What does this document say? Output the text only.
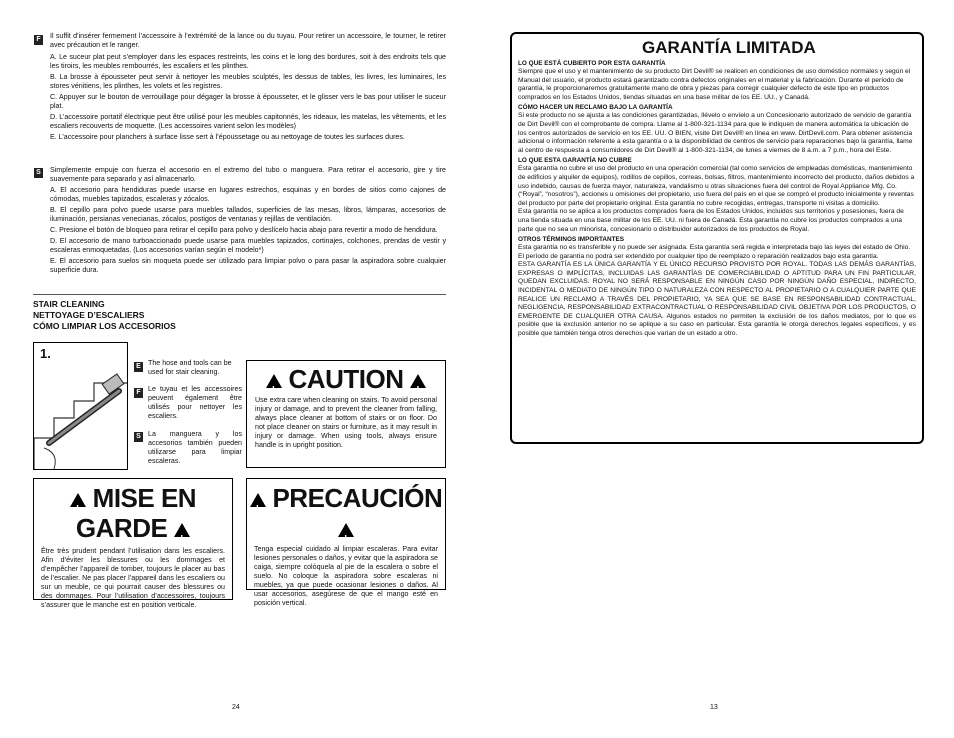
F	Il suffit d’insérer fermement l’accessoire à l’extrémité de la lance ou du tuyau. Pour retirer un accessoire, le tourner, le retirer avec précaution et le ranger.

A. Le suceur plat peut s’employer dans les espaces restreints, les coins et le long des bordures, soit à des endroits tels que les tiroirs, les meubles rembourrés, les escaliers et les plinthes.

B. La brosse à épousseter peut servir à nettoyer les meubles sculptés, les dessus de tables, les livres, les luminaires, les stores vénitiens, les plinthes, les volets et les registres.

C. Appuyer sur le bouton de verrouillage pour dégager la brosse à épousseter, et le glisser vers le bas pour utiliser le suceur plat.

D. L’accessoire portatif électrique peut être utilisé pour les meubles capitonnés, les rideaux, les matelas, les vêtements, et les escaliers recouverts de moquette. (Les accessoires varient selon les modèles)

E. L’accessoire pour planchers à surface lisse sert à l’époussetage ou au nettoyage de toutes les surfaces dures.

S	Simplemente empuje con fuerza el accesorio en el extremo del tubo o manguera. Para retirar el accesorio, gire y tire suavemente para separarlo y así almacenarlo.

A. El accesorio para hendiduras puede usarse en lugares estrechos, esquinas y en bordes de sitios como cajones de cómodas, muebles tapizados, escaleras y zócalos.

B. El cepillo para polvo puede usarse para muebles tallados, superficies de las mesas, libros, lámparas, accesorios de iluminación, persianas venecianas, zócalos, postigos de ventanas y rejillas de ventilación.

C. Presione el botón de bloqueo para retirar el cepillo para polvo y deslícelo hacia abajo para revertir a modo de hendidura.

D. El accesorio de mano turboaccionado puede usarse para muebles tapizados, cortinajes, colchones, prendas de vestir y escaleras enmoquetadas. (Los accesorios varían según el modelo*)

E. El accesorio para suelos sin moqueta puede ser utilizado para limpiar polvo o para pasar la aspiradora sobre cualquier superficie dura.

STAIR CLEANING
NETTOYAGE D’ESCALIERS
CÓMO LIMPIAR LOS ACCESORIOS
1.
E	The hose and tools can be used for stair cleaning.
F	Le tuyau et les accessoires peuvent également être utilisés pour nettoyer les escaliers.
S	La manguera y los accesorios también pueden utilizarse para limpiar escaleras.
! CAUTION !
Use extra care when cleaning on stairs. To avoid personal injury or damage, and to prevent the cleaner from falling, always place cleaner at bottom of stairs or on floor. Do not place cleaner on stairs or furniture, as it may result in injury or damage. When using tools, always ensure handle is in upright position.
! MISE EN GARDE !
Être très prudent pendant l’utilisation dans les escaliers. Afin d’éviter les blessures ou les dommages et d’empêcher l’appareil de tomber, toujours le placer au bas de l’escalier. Ne pas placer l’appareil dans les escaliers ou sur un meuble, ce qui pourrait causer des blessures ou des dommages. Pour l’utilisation d’accessoires, toujours s’assurer que le manche est en position verticale.
! PRECAUCIÓN !
Tenga especial cuidado al limpiar escaleras. Para evitar lesiones personales o daños, y evitar que la aspiradora se caiga, siempre colóquela al pie de la escalera o sobre el suelo. No coloque la aspiradora sobre escaleras ni muebles, ya que puede ocasionar lesiones o daños. Al usar accesorios, asegúrese de que el mango esté en posición vertical.
24
GARANTÍA LIMITADA
LO QUE ESTÁ CUBIERTO POR ESTA GARANTÍA

Siempre que el uso y el mantenimiento de su producto Dirt Devil® se realicen en condiciones de uso doméstico normales y según el Manual del usuario, el producto estará garantizado contra defectos originales en el material y la fabricación. Durante el período de garantía, le proporcionaremos gratuitamente mano de obra y piezas para corregir cualquier defecto de este tipo en productos comprados en los Estados Unidos, tiendas situadas en una base militar de los EE. UU., y Canadá.

CÓMO HACER UN RECLAMO BAJO LA GARANTÍA

Si este producto no se ajusta a las condiciones garantizadas, llévelo o envíelo a un Concesionario autorizado de servicio de garantía de Dirt Devil® con el comprobante de compra. Llame al 1-800-321-1134 para que le indiquen de manera automática la ubicación de los centros autorizados de servicio en los EE. UU. O BIEN, visite Dirt Devil® en línea en www. DirtDevil.com. Para obtener asistencia adicional o información referente a esta garantía o a la disponibilidad de centros de servicio para reparaciones bajo la garantía, llame al centro de respuesta a consumidores de Dirt Devil® al 1-800-321-1134, de lunes a viernes de 8 a.m. a 7 p.m., hora del Este.

LO QUE ESTA GARANTÍA NO CUBRE

Esta garantía no cubre el uso del producto en una operación comercial (tal como servicios de empleadas domésticas, mantenimiento de edificios y alquiler de equipos), rodillos de cepillos, correas, bolsas, filtros, mantenimiento incorrecto del producto, daños debidos a uso indebido, causas de fuerza mayor, naturaleza, vandalismo u otras situaciones fuera del control de Royal Appliance Mfg. Co. (“Royal”, “nosotros”), acciones u omisiones del propietario, uso fuera del país en el que se compró el producto inicialmente y reventas del producto por parte del propietario original. Esta garantía no cubre recogidas, entregas, transporte ni visitas a domicilio.

Esta garantía no se aplica a los productos comprados fuera de los Estados Unidos, incluidos sus territorios y posesiones, fuera de una tienda situada en una base militar de los EE. UU. ni fuera de Canadá. Esta garantía no cubre los productos comprados a una parte que no sea un minorista, concesionario o distribuidor autorizados de los productos de Royal.

OTROS TÉRMINOS IMPORTANTES

Esta garantía no es transferible y no puede ser asignada. Esta garantía será regida e interpretada bajo las leyes del estado de Ohio. El período de garantía no podrá ser extendido por cualquier tipo de reemplazo o reparación realizados bajo esta garantía.

ESTA GARANTÍA ES LA ÚNICA GARANTÍA Y EL ÚNICO RECURSO PROVISTO POR ROYAL. TODAS LAS DEMÁS GARANTÍAS, EXPRESAS O IMPLÍCITAS, INCLUIDAS LAS GARANTÍAS DE COMERCIABILIDAD O APTITUD PARA UN FIN PARTICULAR, QUEDAN EXCLUIDAS. ROYAL NO SERÁ RESPONSABLE EN NINGÚN CASO POR NINGÚN DAÑO ESPECIAL, INDIRECTO, INCIDENTAL O MEDIATO DE NINGÚN TIPO O NATURALEZA CON RESPECTO AL PROPIETARIO O A CUALQUIER PARTE QUE REALICE UN RECLAMO A TRAVÉS DEL PROPIETARIO, YA SEA QUE SE BASE EN RESPONSABILIDAD CONTRACTUAL, NEGLIGENCIA, RESPONSABILIDAD EXTRACONTRACTUAL O RESPONSABILIDAD CIVIL OBJETIVA POR LOS PRODUCTOS, O EMERGENTE DE CUALQUIER OTRA CAUSA. Algunos estados no permiten la exclusión de los daños mediatos, por lo que es posible que la exclusión anterior no se aplique a su caso en particular. Esta garantía le otorga derechos legales específicos, y es posible que también tenga otros derechos que varían de un estado a otro.

13
